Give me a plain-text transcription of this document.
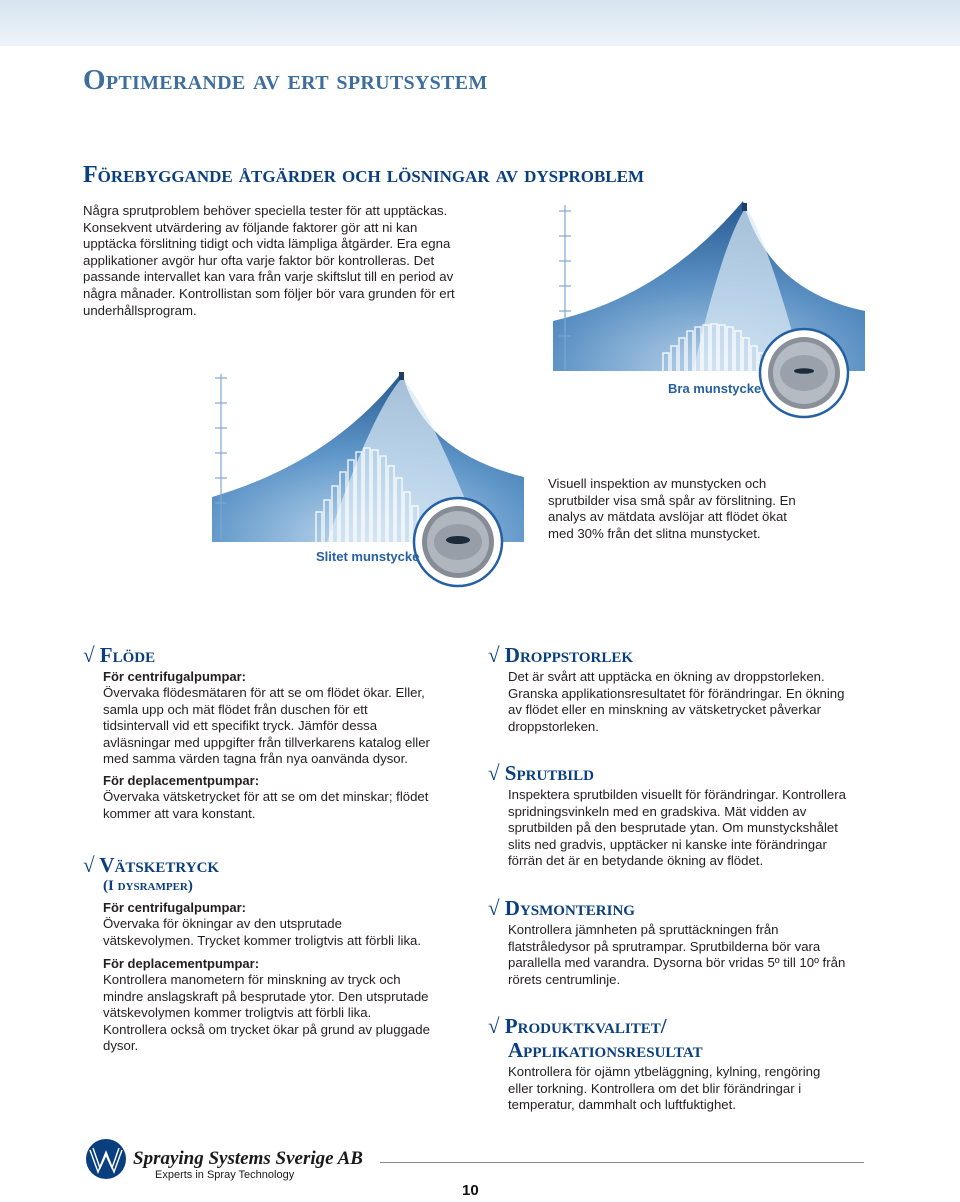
Optimerande av ert sprutsystem
Förebyggande åtgärder och lösningar av dysproblem
Några sprutproblem behöver speciella tester för att upptäckas. Konsekvent utvärdering av följande faktorer gör att ni kan upptäcka förslitning tidigt och vidta lämpliga åtgärder. Era egna applikationer avgör hur ofta varje faktor bör kontrolleras. Det passande intervallet kan vara från varje skiftslut till en period av några månader. Kontrollistan som följer bör vara grunden för ert underhållsprogram.
Bra munstycke
Slitet munstycke
Visuell inspektion av munstycken och sprutbilder visa små spår av förslitning. En analys av mätdata avslöjar att flödet ökat med 30% från det slitna munstycket.
√ Flöde
För centrifugalpumpar:
Övervaka flödesmätaren för att se om flödet ökar. Eller, samla upp och mät flödet från duschen för ett tidsintervall vid ett specifikt tryck. Jämför dessa avläsningar med uppgifter från tillverkarens katalog eller med samma värden tagna från nya oanvända dysor.
För deplacementpumpar:
Övervaka vätsketrycket för att se om det minskar; flödet kommer att vara konstant.
√ Vätsketryck
(I dysramper)
För centrifugalpumpar:
Övervaka för ökningar av den utsprutade vätskevolymen. Trycket kommer troligtvis att förbli lika.
För deplacementpumpar:
Kontrollera manometern för minskning av tryck och mindre anslagskraft på besprutade ytor. Den utsprutade vätskevolymen kommer troligtvis att förbli lika. Kontrollera också om trycket ökar på grund av pluggade dysor.
√ Droppstorlek
Det är svårt att upptäcka en ökning av droppstorleken. Granska applikationsresultatet för förändringar. En ökning av flödet eller en minskning av vätsketrycket påverkar droppstorleken.
√ Sprutbild
Inspektera sprutbilden visuellt för förändringar. Kontrollera spridningsvinkeln med en gradskiva. Mät vidden av sprutbilden på den besprutade ytan. Om munstyckshålet slits ned gradvis, upptäcker ni kanske inte förändringar förrän det är en betydande ökning av flödet.
√ Dysmontering
Kontrollera jämnheten på spruttäckningen från flatstråledysor på sprutrampar. Sprutbilderna bör vara parallella med varandra. Dysorna bör vridas 5º till 10º från rörets centrumlinje.
√ Produktkvalitet/
Applikationsresultat
Kontrollera för ojämn ytbeläggning, kylning, rengöring eller torkning. Kontrollera om det blir förändringar i temperatur, dammhalt och luftfuktighet.
Spraying Systems Sverige AB
Experts in Spray Technology
10
